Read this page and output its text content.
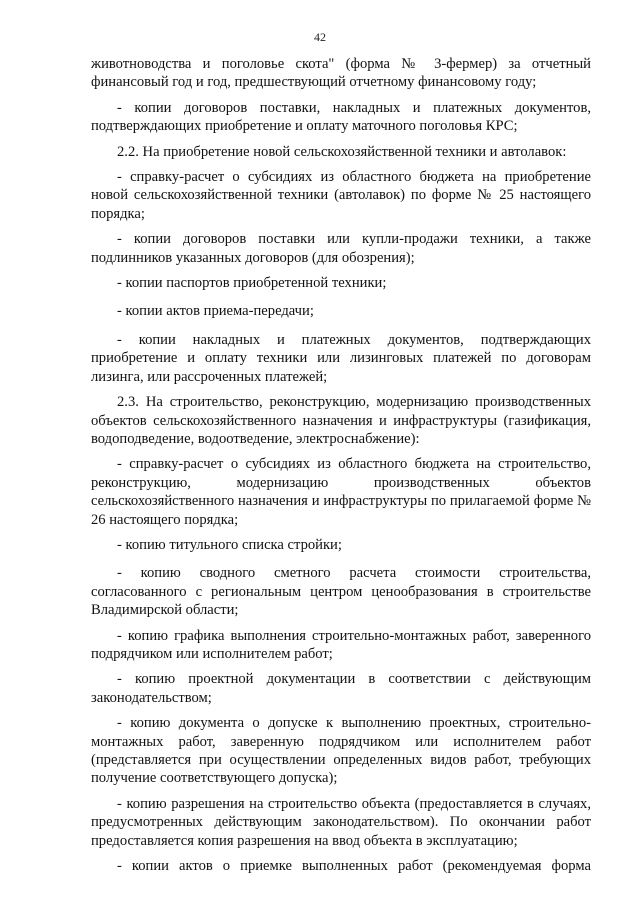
42

животноводства и поголовье скота" (форма № 3-фермер) за отчетный финансовый год и год, предшествующий отчетному финансовому году;

- копии договоров поставки, накладных и платежных документов, подтверждающих приобретение и оплату маточного поголовья КРС;

2.2. На приобретение новой сельскохозяйственной техники и автолавок:

- справку-расчет о субсидиях из областного бюджета на приобретение новой сельскохозяйственной техники (автолавок) по форме № 25 настоящего порядка;

- копии договоров поставки или купли-продажи техники, а также подлинников указанных договоров (для обозрения);

- копии паспортов приобретенной техники;

- копии актов приема-передачи;

- копии накладных и платежных документов, подтверждающих приобретение и оплату техники или лизинговых платежей по договорам лизинга, или рассроченных платежей;

2.3. На строительство, реконструкцию, модернизацию производственных объектов сельскохозяйственного назначения и инфраструктуры (газификация, водоподведение, водоотведение, электроснабжение):

- справку-расчет о субсидиях из областного бюджета на строительство, реконструкцию, модернизацию производственных объектов сельскохозяйственного назначения и инфраструктуры по прилагаемой форме № 26 настоящего порядка;

- копию титульного списка стройки;

- копию сводного сметного расчета стоимости строительства, согласованного с региональным центром ценообразования в строительстве Владимирской области;

- копию графика выполнения строительно-монтажных работ, заверенного подрядчиком или исполнителем работ;

- копию проектной документации в соответствии с действующим законодательством;

- копию документа о допуске к выполнению проектных, строительно-монтажных работ, заверенную подрядчиком или исполнителем работ (представляется при осуществлении определенных видов работ, требующих получение соответствующего допуска);

- копию разрешения на строительство объекта (предоставляется в случаях, предусмотренных действующим законодательством). По окончании работ предоставляется копия разрешения на ввод объекта в эксплуатацию;

- копии актов о приемке выполненных работ (рекомендуемая форма
